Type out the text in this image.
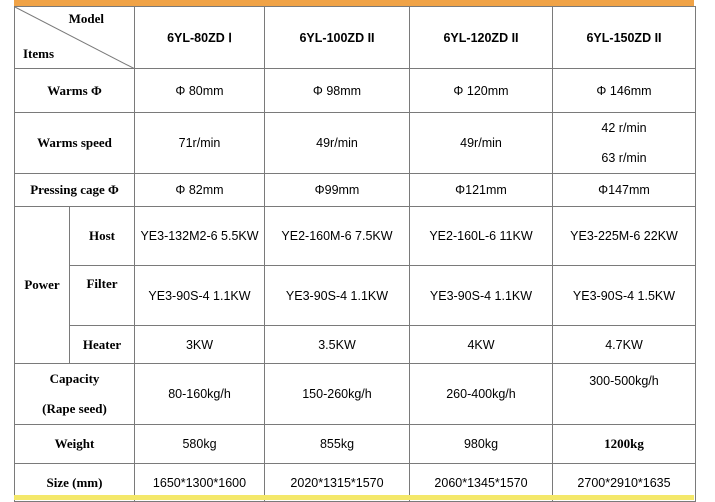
Model
Items		6YL-80ZD Ⅰ	6YL-100ZD II	6YL-120ZD II	6YL-150ZD II
Warms Φ		Φ 80mm	Φ 98mm	Φ 120mm	Φ 146mm
Warms speed		71r/min	49r/min	49r/min	42 r/min
63 r/min

Pressing cage Φ		Φ 82mm	Φ99mm	Φ121mm	Φ147mm
Power	Host	YE3-132M2-6 5.5KW	YE2-160M-6 7.5KW	YE2-160L-6 11KW	YE3-225M-6 22KW
	Filter	YE3-90S-4 1.1KW	YE3-90S-4 1.1KW	YE3-90S-4 1.1KW	YE3-90S-4 1.5KW
	Heater	3KW	3.5KW	4KW	4.7KW

Capacity
(Rape seed)		80-160kg/h	150-260kg/h	260-400kg/h	300-500kg/h
Weight		580kg	855kg	980kg	1200kg
Size (mm)		1650*1300*1600	2020*1315*1570	2060*1345*1570	2700*2910*1635
